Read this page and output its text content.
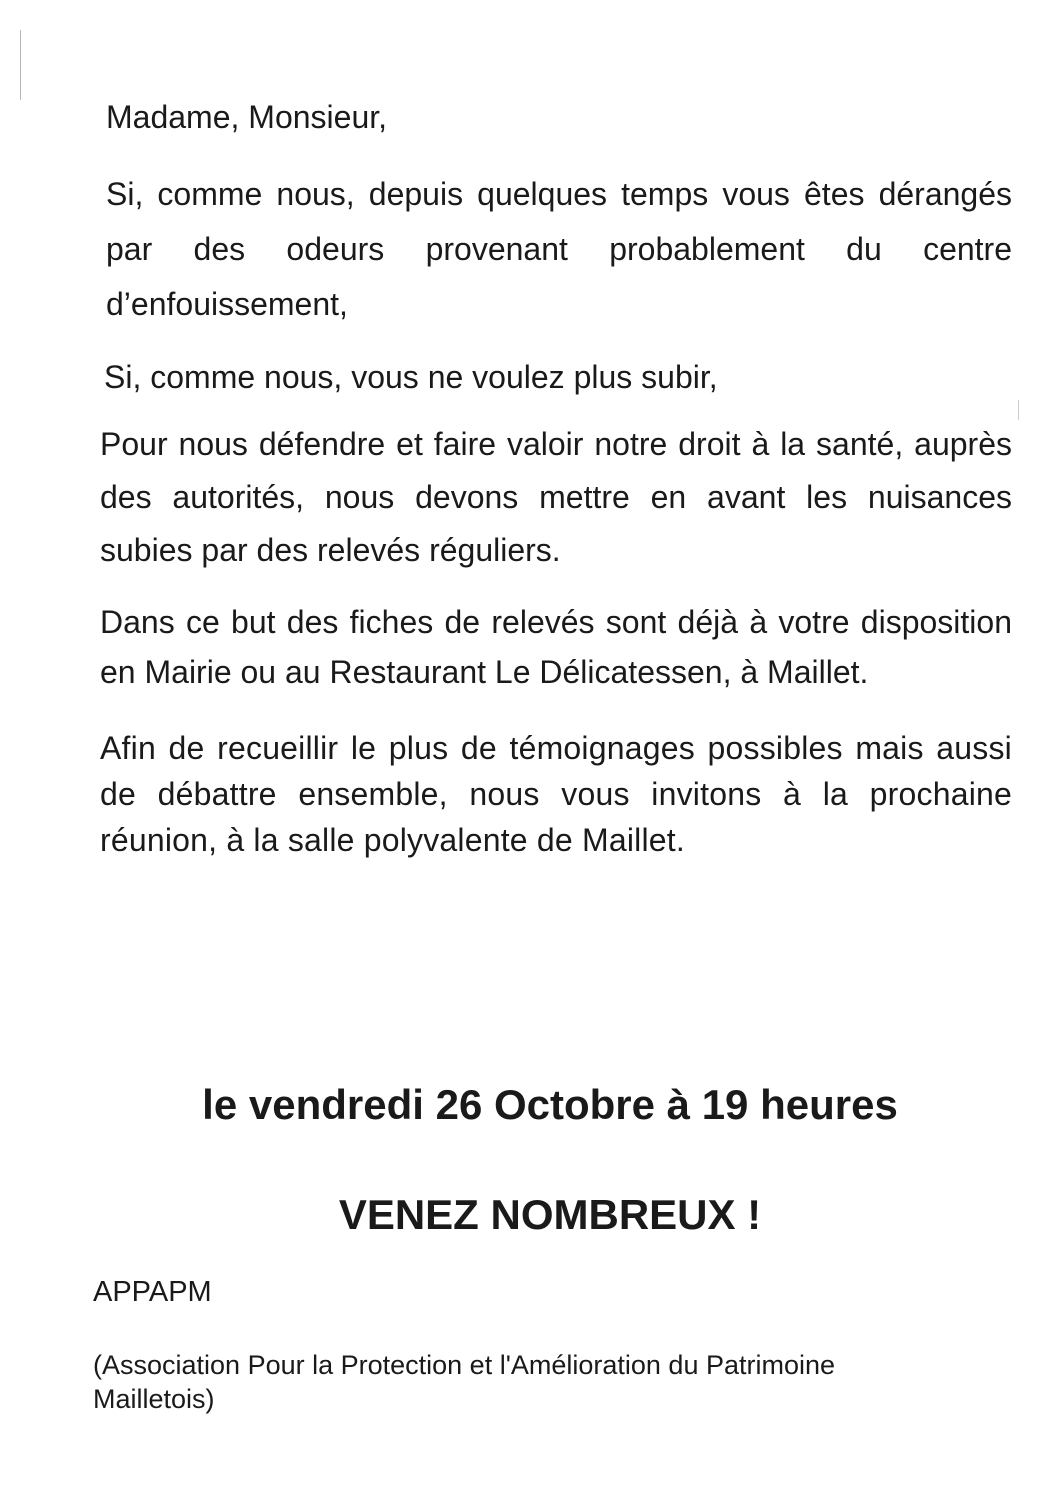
Madame, Monsieur,

Si, comme nous, depuis quelques temps vous êtes dérangés par des odeurs provenant probablement du centre d’enfouissement,

Si, comme nous, vous ne voulez plus subir,

Pour nous défendre et faire valoir notre droit à la santé, auprès des autorités, nous devons mettre en avant les nuisances subies par des relevés réguliers.

Dans ce but des fiches de relevés sont déjà à votre disposition en Mairie ou au Restaurant Le Délicatessen, à Maillet.

Afin de recueillir le plus de témoignages possibles mais aussi de débattre ensemble, nous vous invitons à la prochaine réunion, à la salle polyvalente de Maillet.

le vendredi 26 Octobre à 19 heures
VENEZ NOMBREUX !
APPAPM
(Association Pour la Protection et l'Amélioration du Patrimoine Mailletois)
